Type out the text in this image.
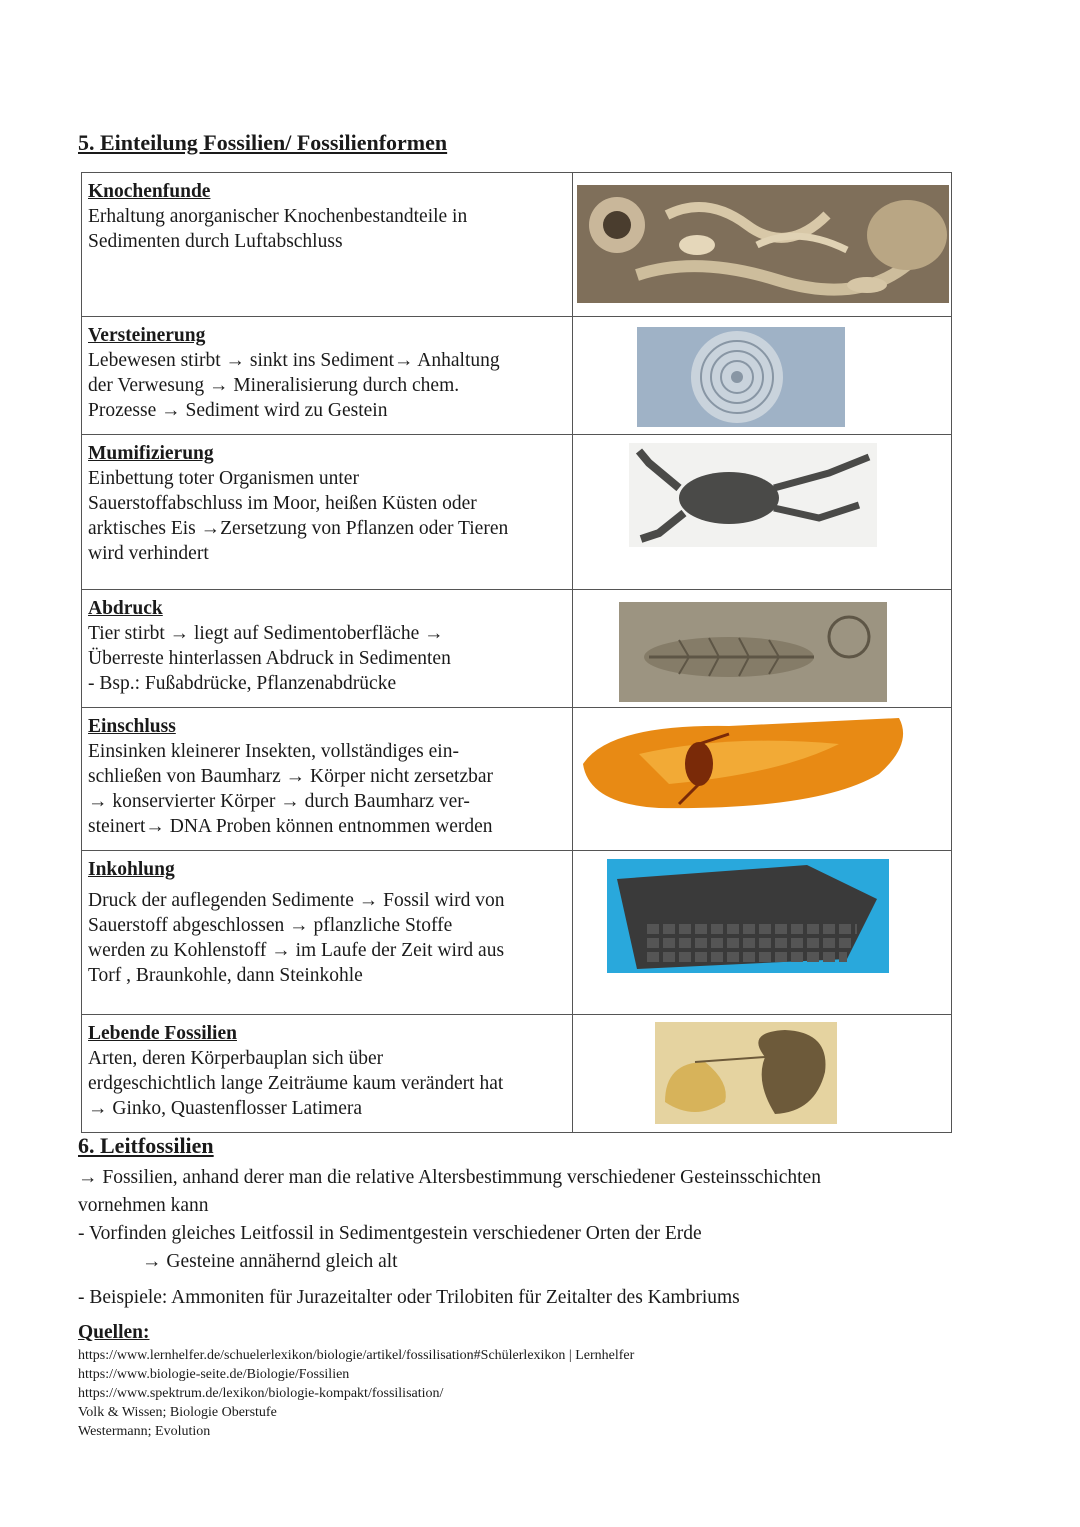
5. Einteilung Fossilien/ Fossilienformen
Knochenfunde
Erhaltung anorganischer Knochenbestandteile in
Sedimenten durch Luftabschluss

Versteinerung
Lebewesen stirbt → sinkt ins Sediment→ Anhaltung
der Verwesung → Mineralisierung durch chem.
Prozesse → Sediment wird zu Gestein

Mumifizierung
Einbettung toter Organismen unter
Sauerstoffabschluss im Moor, heißen Küsten oder
arktisches Eis →Zersetzung von Pflanzen oder Tieren
wird verhindert

Abdruck
Tier stirbt → liegt auf Sedimentoberfläche →
Überreste hinterlassen Abdruck in Sedimenten
- Bsp.: Fußabdrücke, Pflanzenabdrücke

Einschluss
Einsinken kleinerer Insekten, vollständiges ein-
schließen von Baumharz → Körper nicht zersetzbar
→ konservierter Körper → durch Baumharz ver-
steinert→ DNA Proben können entnommen werden

Inkohlung
Druck der auflegenden Sedimente → Fossil wird von
Sauerstoff abgeschlossen → pflanzliche Stoffe
werden zu Kohlenstoff → im Laufe der Zeit wird aus
Torf , Braunkohle, dann Steinkohle

Lebende Fossilien
Arten, deren Körperbauplan sich über
erdgeschichtlich lange Zeiträume kaum verändert hat
→ Ginko, Quastenflosser Latimera

6. Leitfossilien

→ Fossilien, anhand derer man die relative Altersbestimmung verschiedener Gesteinsschichten

vornehmen kann

- Vorfinden gleiches Leitfossil in Sedimentgestein verschiedener Orten der Erde

→ Gesteine annähernd gleich alt

- Beispiele: Ammoniten für Jurazeitalter oder Trilobiten für Zeitalter des Kambriums

Quellen:
https://www.lernhelfer.de/schuelerlexikon/biologie/artikel/fossilisation#Schülerlexikon | Lernhelfer
https://www.biologie-seite.de/Biologie/Fossilien
https://www.spektrum.de/lexikon/biologie-kompakt/fossilisation/
Volk & Wissen; Biologie Oberstufe
Westermann; Evolution
